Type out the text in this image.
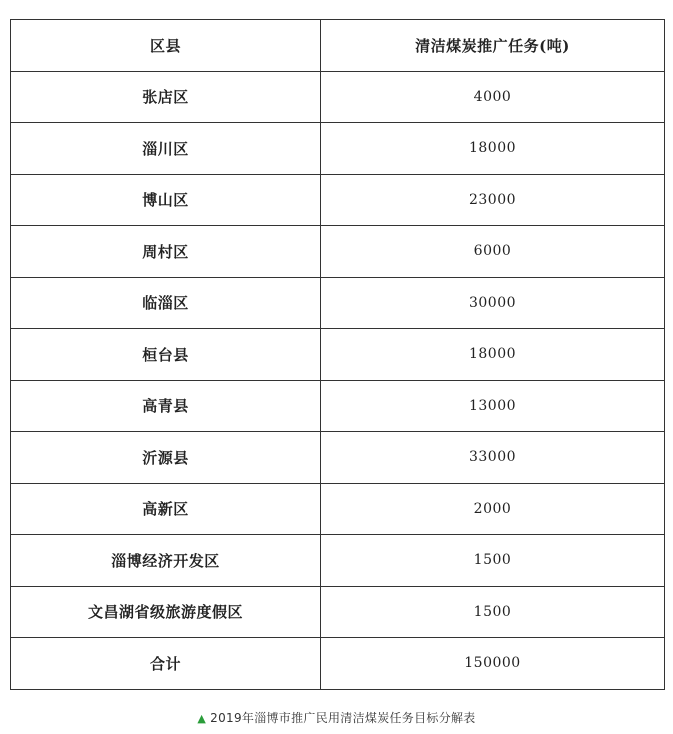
区县	清洁煤炭推广任务(吨)
张店区	4000
淄川区	18000
博山区	23000
周村区	6000
临淄区	30000
桓台县	18000
高青县	13000
沂源县	33000
高新区	2000
淄博经济开发区	1500
文昌湖省级旅游度假区	1500
合计	150000
▲ 2019年淄博市推广民用清洁煤炭任务目标分解表
